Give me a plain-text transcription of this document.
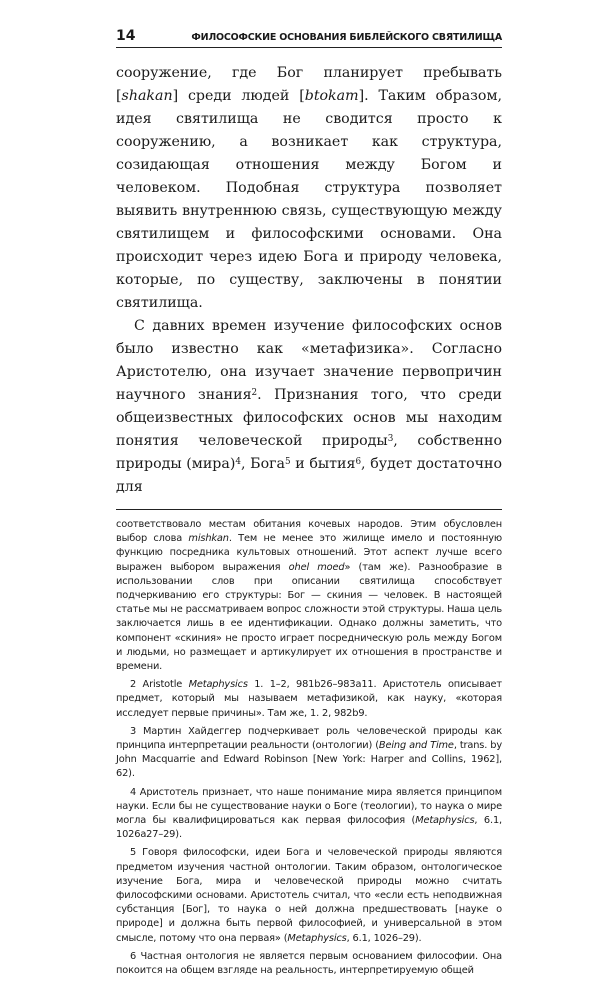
14	ФИЛОСОФСКИЕ ОСНОВАНИЯ БИБЛЕЙСКОГО СВЯТИЛИЩА

сооружение, где Бог планирует пребывать [shakan] среди людей [btokam]. Таким образом, идея святилища не сводится просто к сооружению, а возникает как структура, созидающая отношения между Богом и человеком. Подобная структура позволяет выявить внутреннюю связь, существующую между святилищем и философскими основами. Она происходит через идею Бога и природу человека, которые, по существу, заключены в понятии святилища.

С давних времен изучение философских основ было известно как «метафизика». Согласно Аристотелю, она изучает значение первопричин научного знания$^2$. Признания того, что среди общеизвестных философских основ мы находим понятия человеческой природы$^3$, собственно природы (мира)$^4$, Бога$^5$ и бытия$^6$, будет достаточно для

соответствовало местам обитания кочевых народов. Этим обусловлен выбор слова mishkan. Тем не менее это жилище имело и постоянную функцию посредника культовых отношений. Этот аспект лучше всего выражен выбором выражения ohel moed» (там же). Разнообразие в использовании слов при описании святилища способствует подчеркиванию его структуры: Бог — скиния — человек. В настоящей статье мы не рассматриваем вопрос сложности этой структуры. Наша цель заключается лишь в ее идентификации. Однако должны заметить, что компонент «скиния» не просто играет посредническую роль между Богом и людьми, но размещает и артикулирует их отношения в пространстве и времени.

2 Aristotle Metaphysics 1. 1–2, 981b26–983a11. Аристотель описывает предмет, который мы называем метафизикой, как науку, «которая исследует первые причины». Там же, 1. 2, 982b9.

3 Мартин Хайдеггер подчеркивает роль человеческой природы как принципа интерпретации реальности (онтологии) (Being and Time, trans. by John Macquarrie and Edward Robinson [New York: Harper and Collins, 1962], 62).

4 Аристотель признает, что наше понимание мира является принципом науки. Если бы не существование науки о Боге (теологии), то наука о мире могла бы квалифицироваться как первая философия (Metaphysics, 6.1, 1026a27–29).

5 Говоря философски, идеи Бога и человеческой природы являются предметом изучения частной онтологии. Таким образом, онтологическое изучение Бога, мира и человеческой природы можно считать философскими основами. Аристотель считал, что «если есть неподвижная субстанция [Бог], то наука о ней должна предшествовать [науке о природе] и должна быть первой философией, и универсальной в этом смысле, потому что она первая» (Metaphysics, 6.1, 1026–29).

6 Частная онтология не является первым основанием философии. Она покоится на общем взгляде на реальность, интерпретируемую общей
